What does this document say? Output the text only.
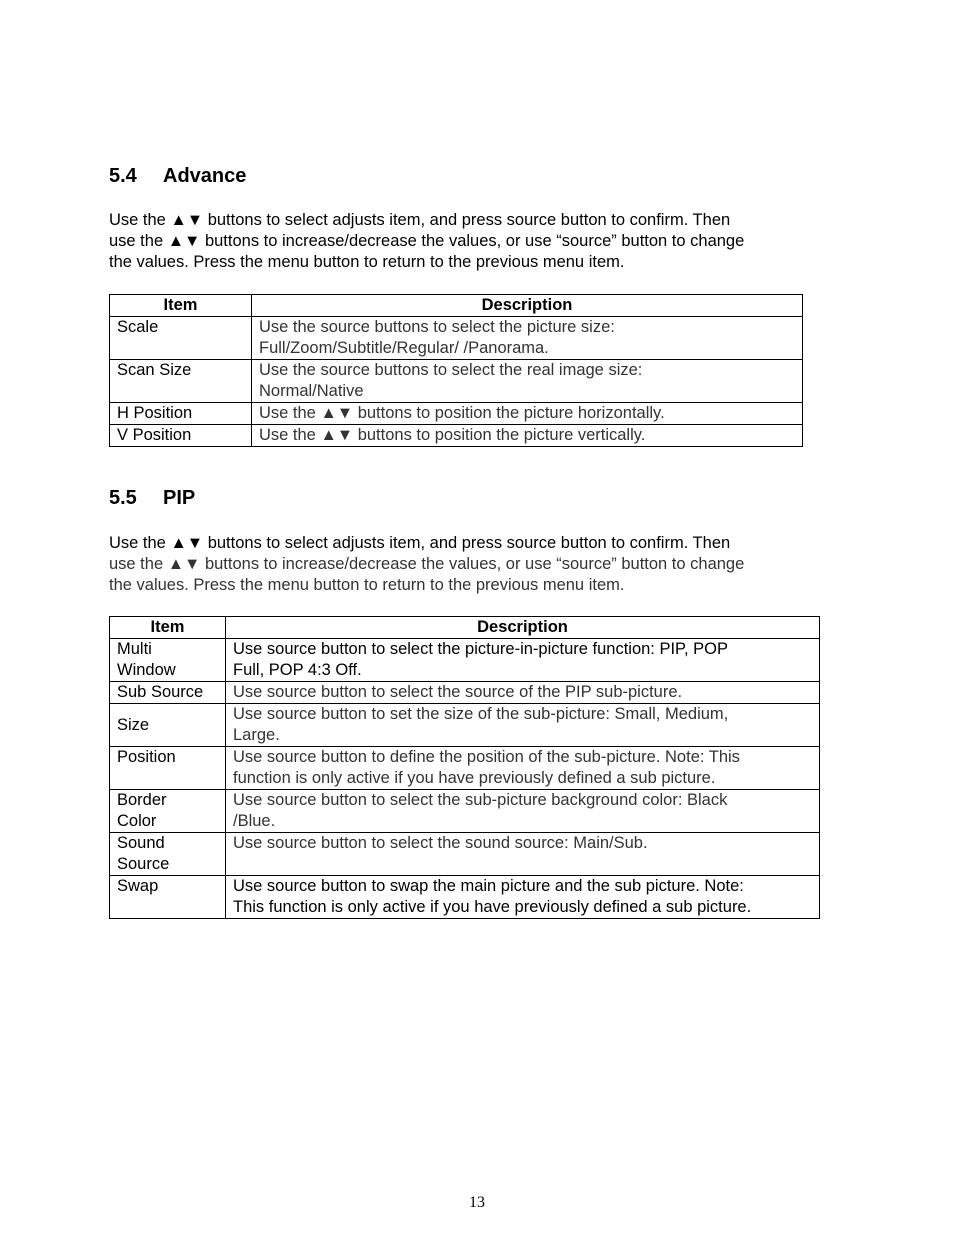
5.4 Advance

Use the ▲▼ buttons to select adjusts item, and press source button to confirm. Then
use the ▲▼ buttons to increase/decrease the values, or use “source” button to change
the values. Press the menu button to return to the previous menu item.

Item	Description
Scale	Use the source buttons to select the picture size:
Full/Zoom/Subtitle/Regular/ /Panorama.
Scan Size	Use the source buttons to select the real image size:
Normal/Native
H Position	Use the ▲▼ buttons to position the picture horizontally.
V Position	Use the ▲▼ buttons to position the picture vertically.
5.5 PIP

Use the ▲▼ buttons to select adjusts item, and press source button to confirm. Then
use the ▲▼ buttons to increase/decrease the values, or use “source” button to change
the values. Press the menu button to return to the previous menu item.

Item	Description
Multi
Window	Use source button to select the picture-in-picture function: PIP, POP
Full, POP 4:3 Off.
Sub Source	Use source button to select the source of the PIP sub-picture.
Size	Use source button to set the size of the sub-picture: Small, Medium,
Large.
Position	Use source button to define the position of the sub-picture. Note: This
function is only active if you have previously defined a sub picture.
Border
Color	Use source button to select the sub-picture background color: Black
/Blue.
Sound
Source	Use source button to select the sound source: Main/Sub.
Swap	Use source button to swap the main picture and the sub picture. Note:
This function is only active if you have previously defined a sub picture.
13
